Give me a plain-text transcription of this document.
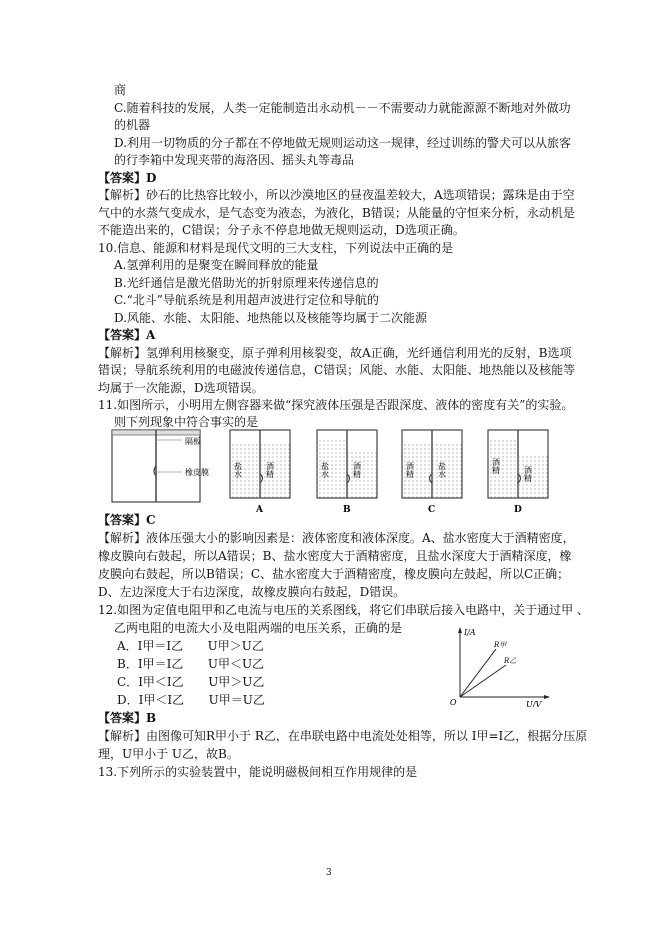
商
C.随着科技的发展，人类一定能制造出永动机－－不需要动力就能源源不断地对外做功
的机器
D.利用一切物质的分子都在不停地做无规则运动这一规律，经过训练的警犬可以从旅客
的行李箱中发现夹带的海洛因、摇头丸等毒品
【答案】D
【解析】砂石的比热容比较小，所以沙漠地区的昼夜温差较大，A选项错误；露珠是由于空
气中的水蒸气变成水，是气态变为液态，为液化，B错误；从能量的守恒来分析，永动机是
不能造出来的，C错误；分子永不停息地做无规则运动，D选项正确。
10.信息、能源和材料是现代文明的三大支柱，下列说法中正确的是
A.氢弹利用的是聚变在瞬间释放的能量
B.光纤通信是激光借助光的折射原理来传递信息的
C.“北斗”导航系统是利用超声波进行定位和导航的
D.风能、水能、太阳能、地热能以及核能等均属于二次能源
【答案】A
【解析】氢弹利用核聚变，原子弹利用核裂变，故A正确，光纤通信利用光的反射，B选项
错误；导航系统利用的电磁波传递信息，C错误；风能、水能、太阳能、地热能以及核能等
均属于一次能源，D选项错误。
11.如图所示，小明用左侧容器来做“探究液体压强是否跟深度、液体的密度有关”的实验。
则下列现象中符合事实的是
隔板
橡皮膜	盐水	酒精
A
盐水	酒精
B
酒精	盐水
C
酒精	酒精
D
【答案】C
【解析】液体压强大小的影响因素是：液体密度和液体深度。A、盐水密度大于酒精密度，
橡皮膜向右鼓起，所以A错误；B、盐水密度大于酒精密度，且盐水深度大于酒精深度，橡
皮膜向右鼓起，所以B错误；C、盐水密度大于酒精密度，橡皮膜向左鼓起，所以C正确；
D、左边深度大于右边深度，故橡皮膜向右鼓起，D错误。
12.如图为定值电阻甲和乙电流与电压的关系图线，将它们串联后接入电路中，关于通过甲 、
乙两电阻的电流大小及电阻两端的电压关系，正确的是
A．I甲＝I乙 U甲＞U乙
B．I甲＝I乙 U甲＜U乙
C．I甲＜I乙 U甲＞U乙
D．I甲＜I乙 U甲＝U乙
I/A
U/V
O
R甲
R乙
【答案】B
【解析】由图像可知R甲小于 R乙，在串联电路中电流处处相等，所以 I甲=I乙，根据分压原
理，U甲小于 U乙，故B。
13.下列所示的实验装置中，能说明磁极间相互作用规律的是
3
